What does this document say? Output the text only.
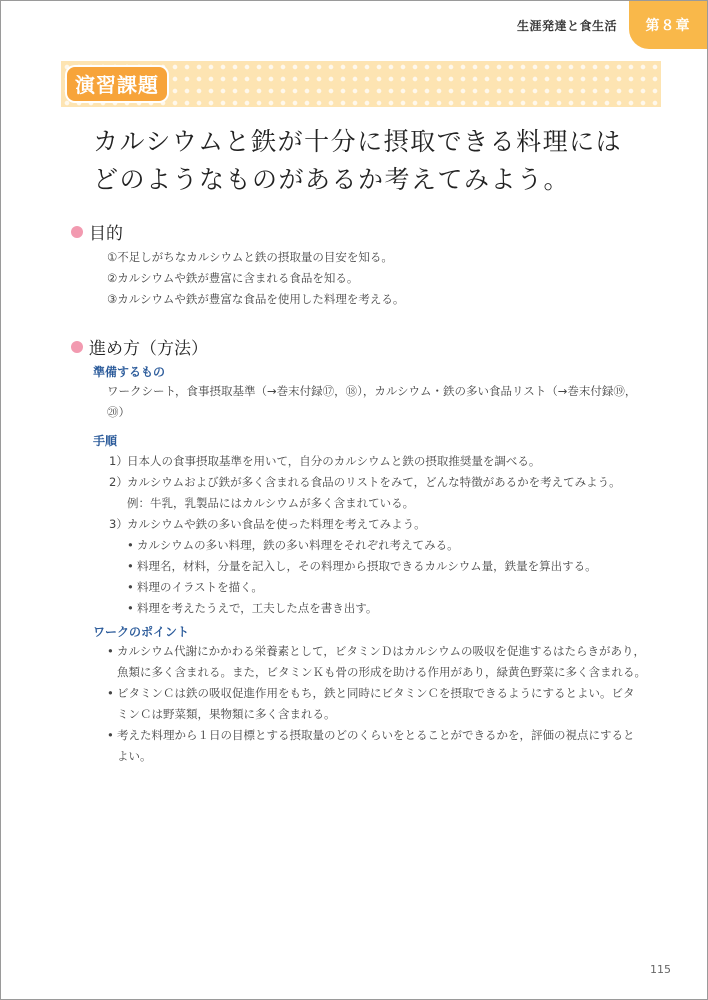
生涯発達と食生活	第８章
演習課題
カルシウムと鉄が十分に摂取できる料理には
どのようなものがあるか考えてみよう。
目的
①不足しがちなカルシウムと鉄の摂取量の目安を知る。
②カルシウムや鉄が豊富に含まれる食品を知る。
③カルシウムや鉄が豊富な食品を使用した料理を考える。
進め方（方法）
準備するもの
ワークシート，食事摂取基準（→巻末付録⑰，⑱），カルシウム・鉄の多い食品リスト（→巻末付録⑲，
⑳）
手順
1） 日本人の食事摂取基準を用いて，自分のカルシウムと鉄の摂取推奨量を調べる。
2） カルシウムおよび鉄が多く含まれる食品のリストをみて，どんな特徴があるかを考えてみよう。
例：牛乳，乳製品にはカルシウムが多く含まれている。
3） カルシウムや鉄の多い食品を使った料理を考えてみよう。
• カルシウムの多い料理，鉄の多い料理をそれぞれ考えてみる。
• 料理名，材料，分量を記入し，その料理から摂取できるカルシウム量，鉄量を算出する。
• 料理のイラストを描く。
• 料理を考えたうえで，工夫した点を書き出す。
ワークのポイント
• カルシウム代謝にかかわる栄養素として，ビタミンＤはカルシウムの吸収を促進するはたらきがあり，
魚類に多く含まれる。また，ビタミンＫも骨の形成を助ける作用があり，緑黄色野菜に多く含まれる。
• ビタミンＣは鉄の吸収促進作用をもち，鉄と同時にビタミンＣを摂取できるようにするとよい。ビタ
ミンＣは野菜類，果物類に多く含まれる。
• 考えた料理から１日の目標とする摂取量のどのくらいをとることができるかを，評価の視点にすると
よい。
115
